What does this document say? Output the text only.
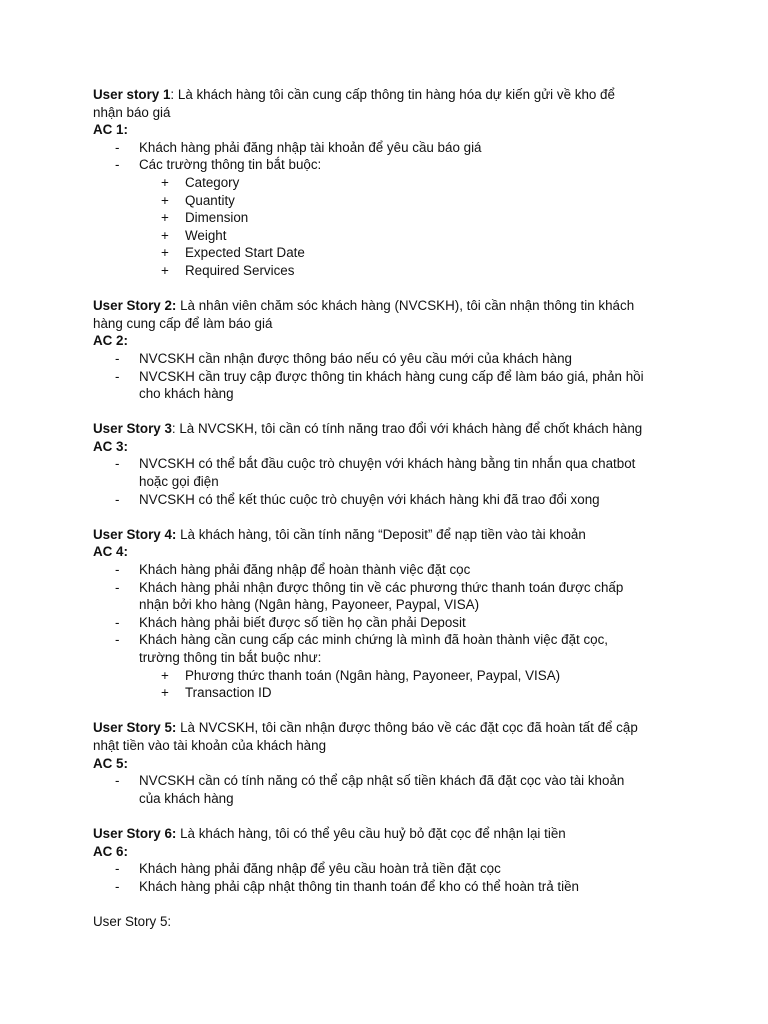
User story 1: Là khách hàng tôi cần cung cấp thông tin hàng hóa dự kiến gửi về kho để
nhận báo giá
AC 1:
- Khách hàng phải đăng nhập tài khoản để yêu cầu báo giá
- Các trường thông tin bắt buộc:
+ Category
+ Quantity
+ Dimension
+ Weight
+ Expected Start Date
+ Required Services
User Story 2: Là nhân viên chăm sóc khách hàng (NVCSKH), tôi cần nhận thông tin khách
hàng cung cấp để làm báo giá
AC 2:
- NVCSKH cần nhận được thông báo nếu có yêu cầu mới của khách hàng
- NVCSKH cần truy cập được thông tin khách hàng cung cấp để làm báo giá, phản hồi
cho khách hàng
User Story 3: Là NVCSKH, tôi cần có tính năng trao đổi với khách hàng để chốt khách hàng
AC 3:
- NVCSKH có thể bắt đầu cuộc trò chuyện với khách hàng bằng tin nhắn qua chatbot
hoặc gọi điện
- NVCSKH có thể kết thúc cuộc trò chuyện với khách hàng khi đã trao đổi xong
User Story 4: Là khách hàng, tôi cần tính năng “Deposit” để nạp tiền vào tài khoản
AC 4:
- Khách hàng phải đăng nhập để hoàn thành việc đặt cọc
- Khách hàng phải nhận được thông tin về các phương thức thanh toán được chấp
nhận bởi kho hàng (Ngân hàng, Payoneer, Paypal, VISA)
- Khách hàng phải biết được số tiền họ cần phải Deposit
- Khách hàng cần cung cấp các minh chứng là mình đã hoàn thành việc đặt cọc,
trường thông tin bắt buộc như:
+ Phương thức thanh toán (Ngân hàng, Payoneer, Paypal, VISA)
+ Transaction ID
User Story 5: Là NVCSKH, tôi cần nhận được thông báo về các đặt cọc đã hoàn tất để cập
nhật tiền vào tài khoản của khách hàng
AC 5:
- NVCSKH cần có tính năng có thể cập nhật số tiền khách đã đặt cọc vào tài khoản
của khách hàng
User Story 6: Là khách hàng, tôi có thể yêu cầu huỷ bỏ đặt cọc để nhận lại tiền
AC 6:
- Khách hàng phải đăng nhập để yêu cầu hoàn trả tiền đặt cọc
- Khách hàng phải cập nhật thông tin thanh toán để kho có thể hoàn trả tiền
User Story 5:
